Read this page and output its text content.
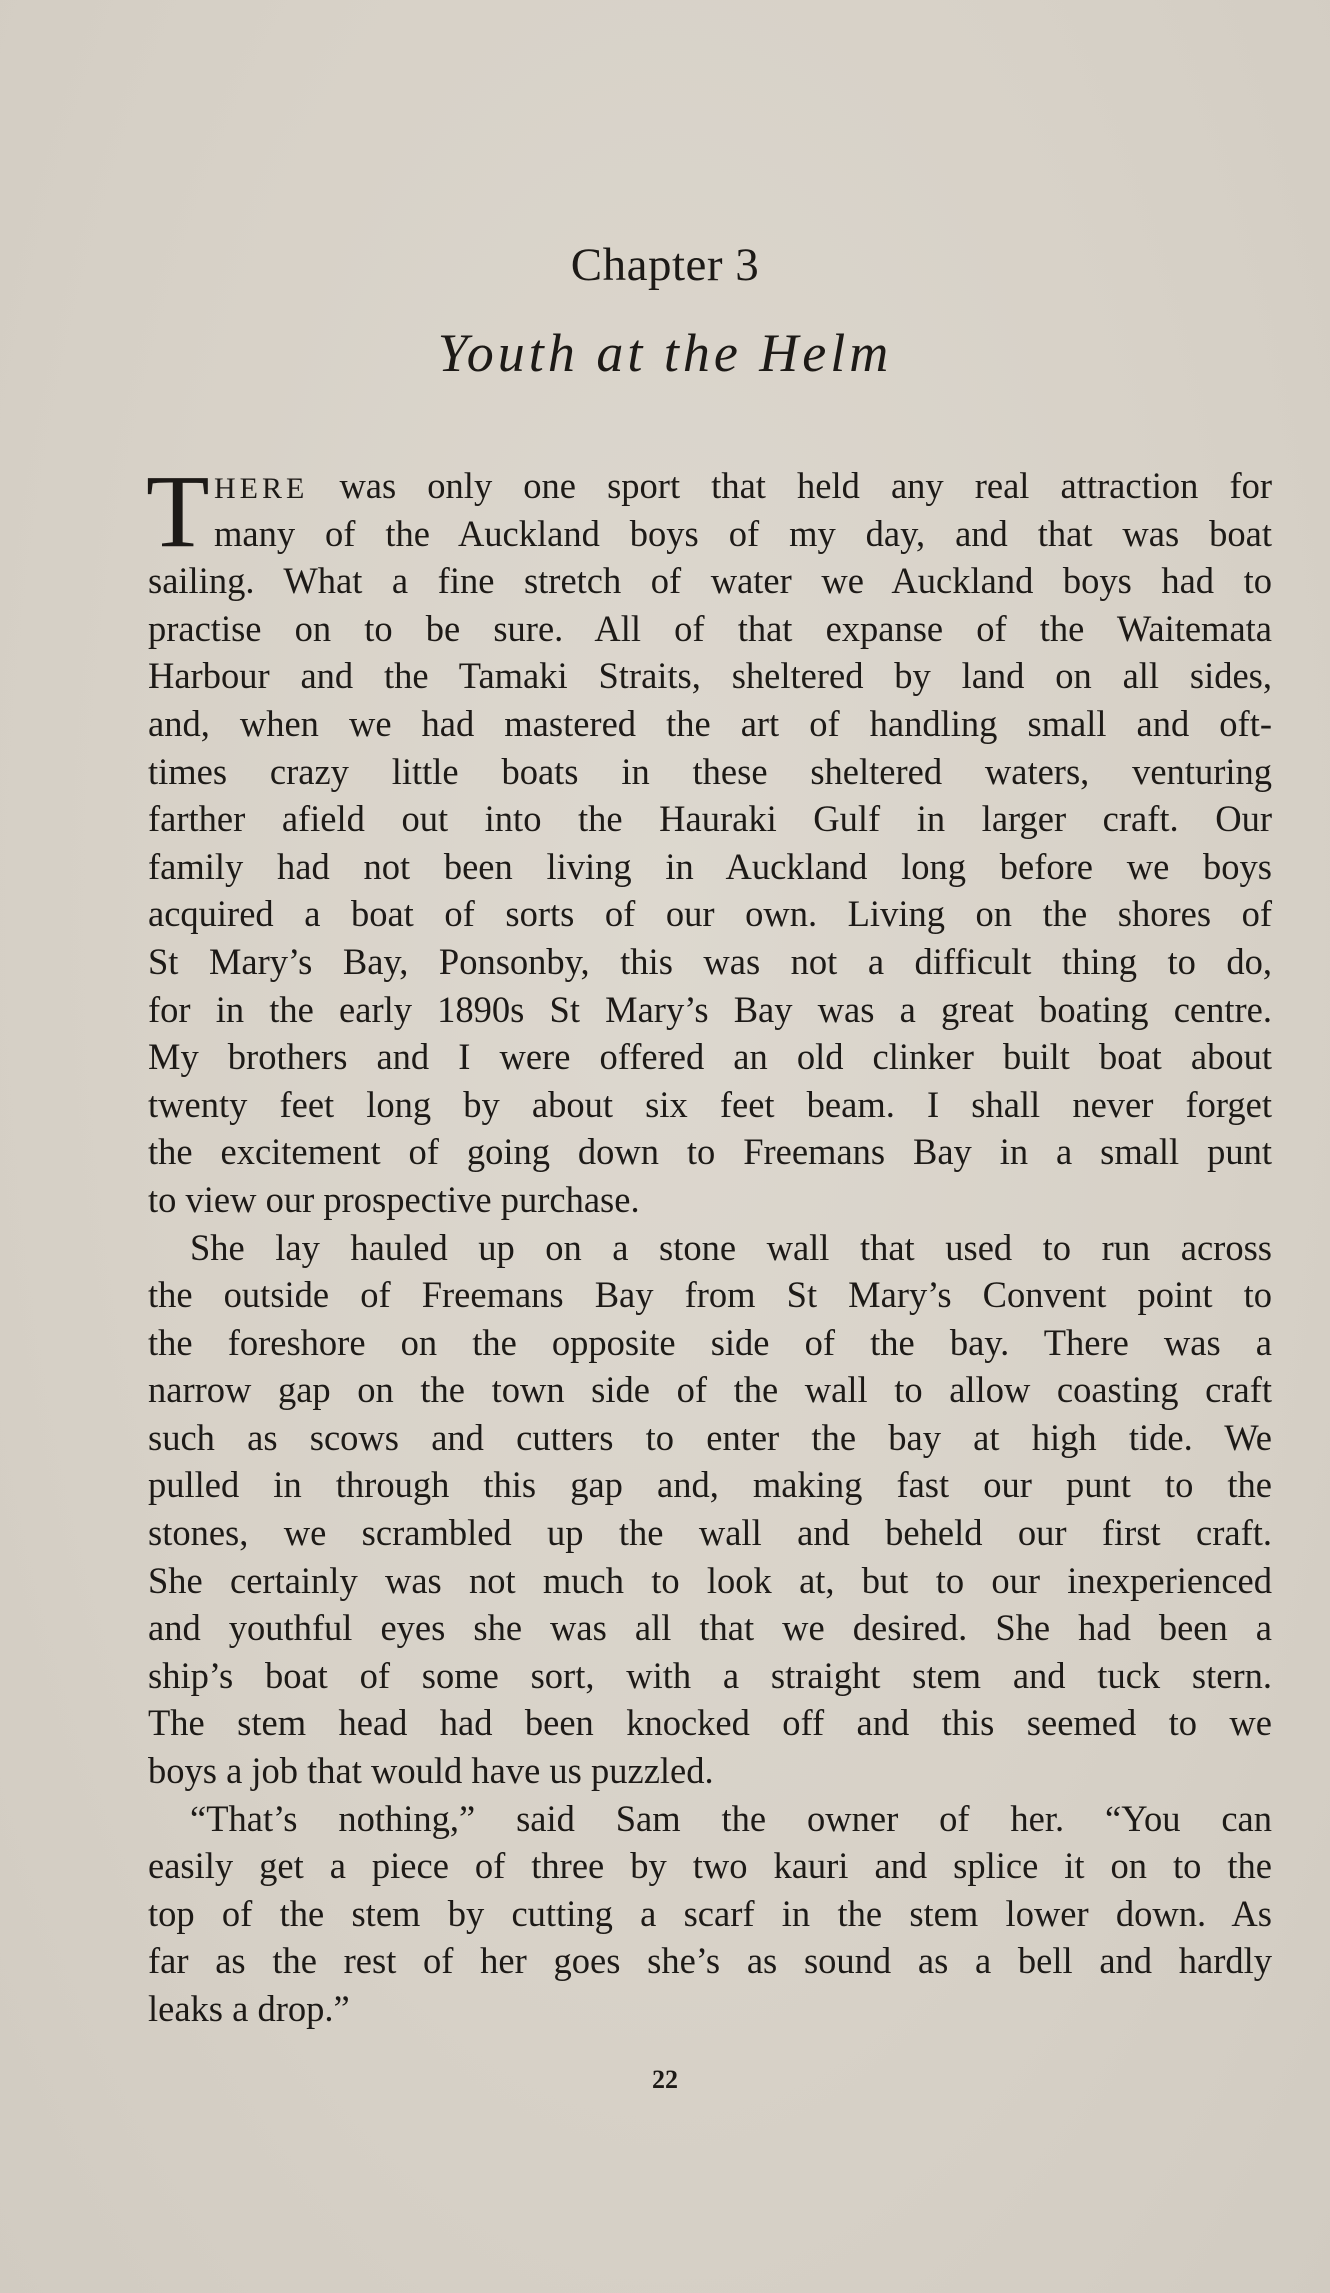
Chapter 3
Youth at the Helm
T HERE was only one sport that held any real attraction for
many of the Auckland boys of my day, and that was boat
sailing. What a fine stretch of water we Auckland boys had to
practise on to be sure. All of that expanse of the Waitemata
Harbour and the Tamaki Straits, sheltered by land on all sides,
and, when we had mastered the art of handling small and oft-
times crazy little boats in these sheltered waters, venturing
farther afield out into the Hauraki Gulf in larger craft. Our
family had not been living in Auckland long before we boys
acquired a boat of sorts of our own. Living on the shores of
St Mary’s Bay, Ponsonby, this was not a difficult thing to do,
for in the early 1890s St Mary’s Bay was a great boating centre.
My brothers and I were offered an old clinker built boat about
twenty feet long by about six feet beam. I shall never forget
the excitement of going down to Freemans Bay in a small punt
to view our prospective purchase.
She lay hauled up on a stone wall that used to run across
the outside of Freemans Bay from St Mary’s Convent point to
the foreshore on the opposite side of the bay. There was a
narrow gap on the town side of the wall to allow coasting craft
such as scows and cutters to enter the bay at high tide. We
pulled in through this gap and, making fast our punt to the
stones, we scrambled up the wall and beheld our first craft.
She certainly was not much to look at, but to our inexperienced
and youthful eyes she was all that we desired. She had been a
ship’s boat of some sort, with a straight stem and tuck stern.
The stem head had been knocked off and this seemed to we
boys a job that would have us puzzled.
“That’s nothing,” said Sam the owner of her. “You can
easily get a piece of three by two kauri and splice it on to the
top of the stem by cutting a scarf in the stem lower down. As
far as the rest of her goes she’s as sound as a bell and hardly
leaks a drop.”
22
